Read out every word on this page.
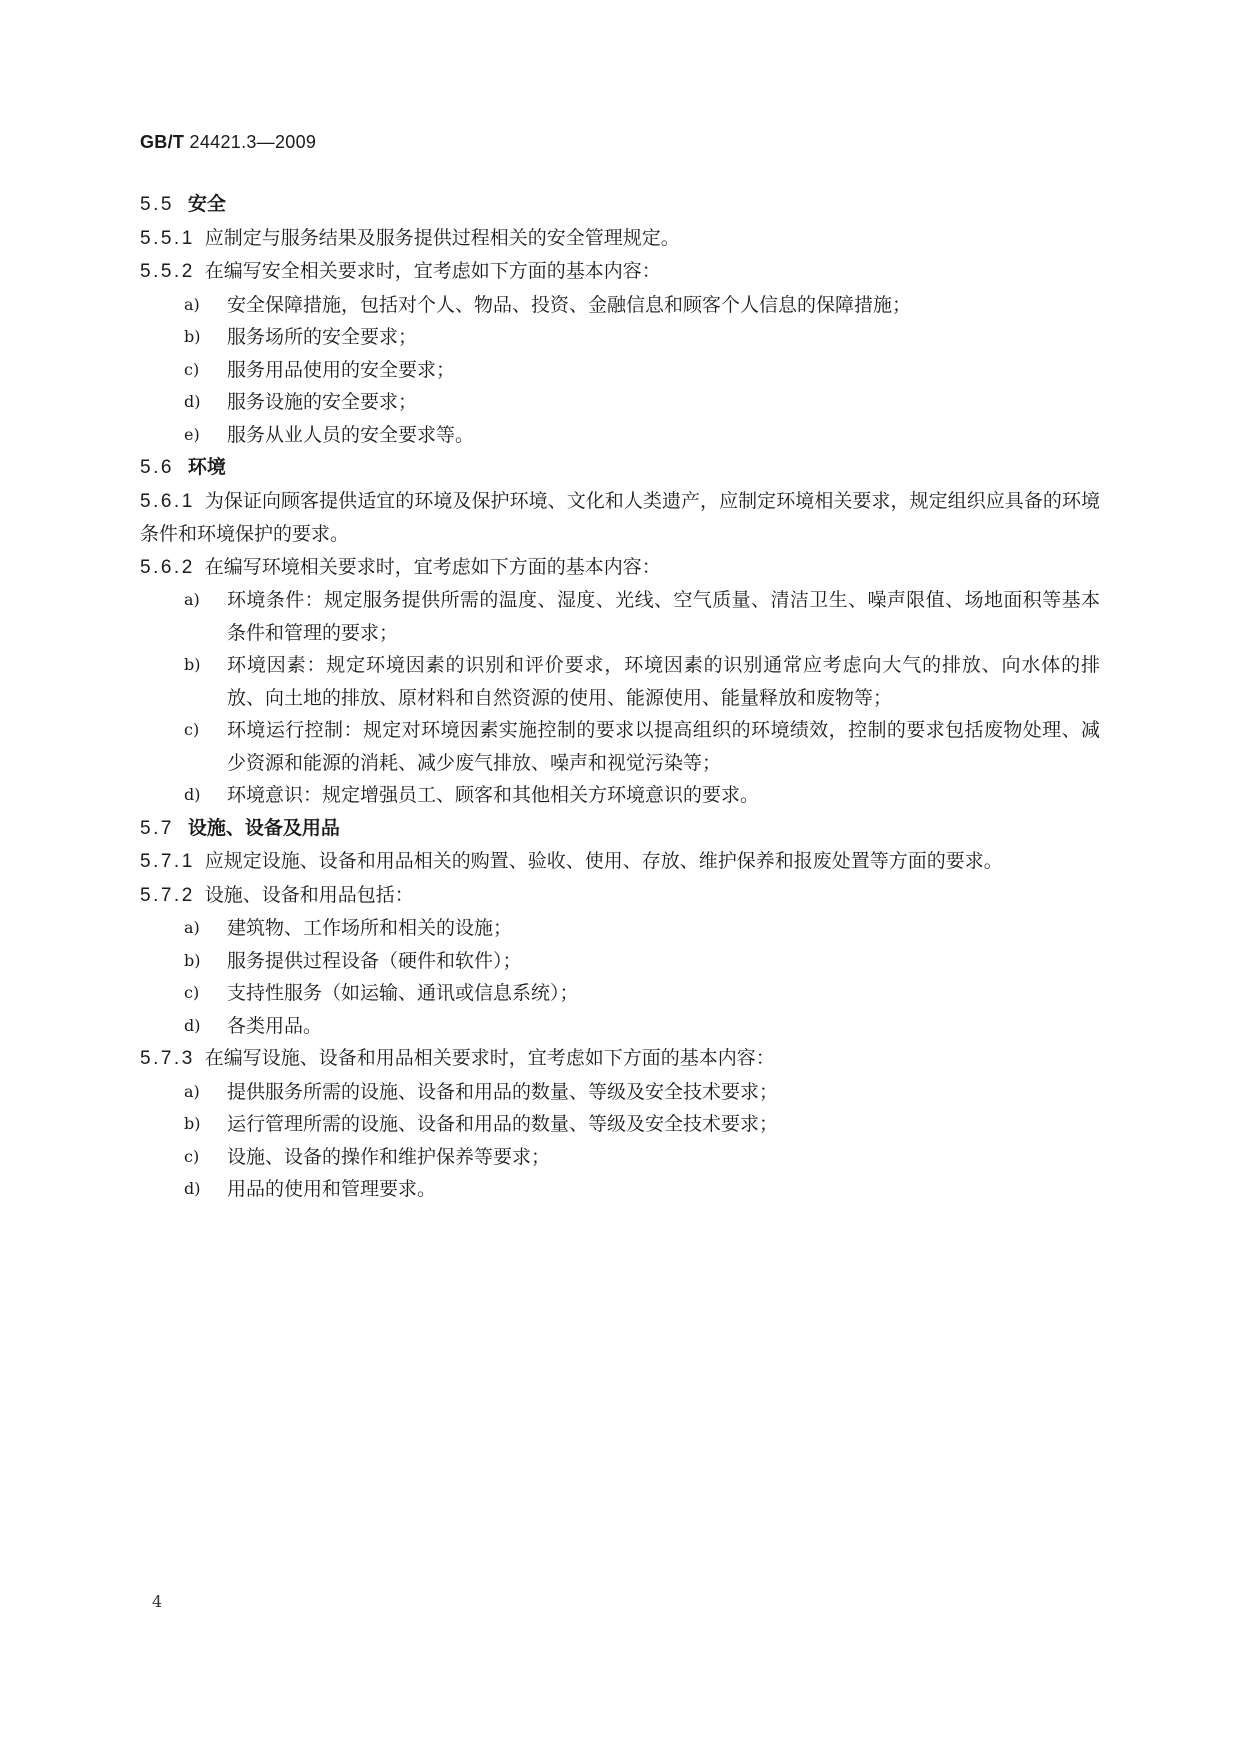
GB/T 24421.3—2009
5.5 安全
5.5.1 应制定与服务结果及服务提供过程相关的安全管理规定。
5.5.2 在编写安全相关要求时，宜考虑如下方面的基本内容：
a) 安全保障措施，包括对个人、物品、投资、金融信息和顾客个人信息的保障措施；
b) 服务场所的安全要求；
c) 服务用品使用的安全要求；
d) 服务设施的安全要求；
e) 服务从业人员的安全要求等。
5.6 环境
5.6.1 为保证向顾客提供适宜的环境及保护环境、文化和人类遗产，应制定环境相关要求，规定组织应具备的环境条件和环境保护的要求。
5.6.2 在编写环境相关要求时，宜考虑如下方面的基本内容：
a) 环境条件：规定服务提供所需的温度、湿度、光线、空气质量、清洁卫生、噪声限值、场地面积等基本条件和管理的要求；
b) 环境因素：规定环境因素的识别和评价要求，环境因素的识别通常应考虑向大气的排放、向水体的排放、向土地的排放、原材料和自然资源的使用、能源使用、能量释放和废物等；
c) 环境运行控制：规定对环境因素实施控制的要求以提高组织的环境绩效，控制的要求包括废物处理、减少资源和能源的消耗、减少废气排放、噪声和视觉污染等；
d) 环境意识：规定增强员工、顾客和其他相关方环境意识的要求。
5.7 设施、设备及用品
5.7.1 应规定设施、设备和用品相关的购置、验收、使用、存放、维护保养和报废处置等方面的要求。
5.7.2 设施、设备和用品包括：
a) 建筑物、工作场所和相关的设施；
b) 服务提供过程设备（硬件和软件）；
c) 支持性服务（如运输、通讯或信息系统）；
d) 各类用品。
5.7.3 在编写设施、设备和用品相关要求时，宜考虑如下方面的基本内容：
a) 提供服务所需的设施、设备和用品的数量、等级及安全技术要求；
b) 运行管理所需的设施、设备和用品的数量、等级及安全技术要求；
c) 设施、设备的操作和维护保养等要求；
d) 用品的使用和管理要求。
4
